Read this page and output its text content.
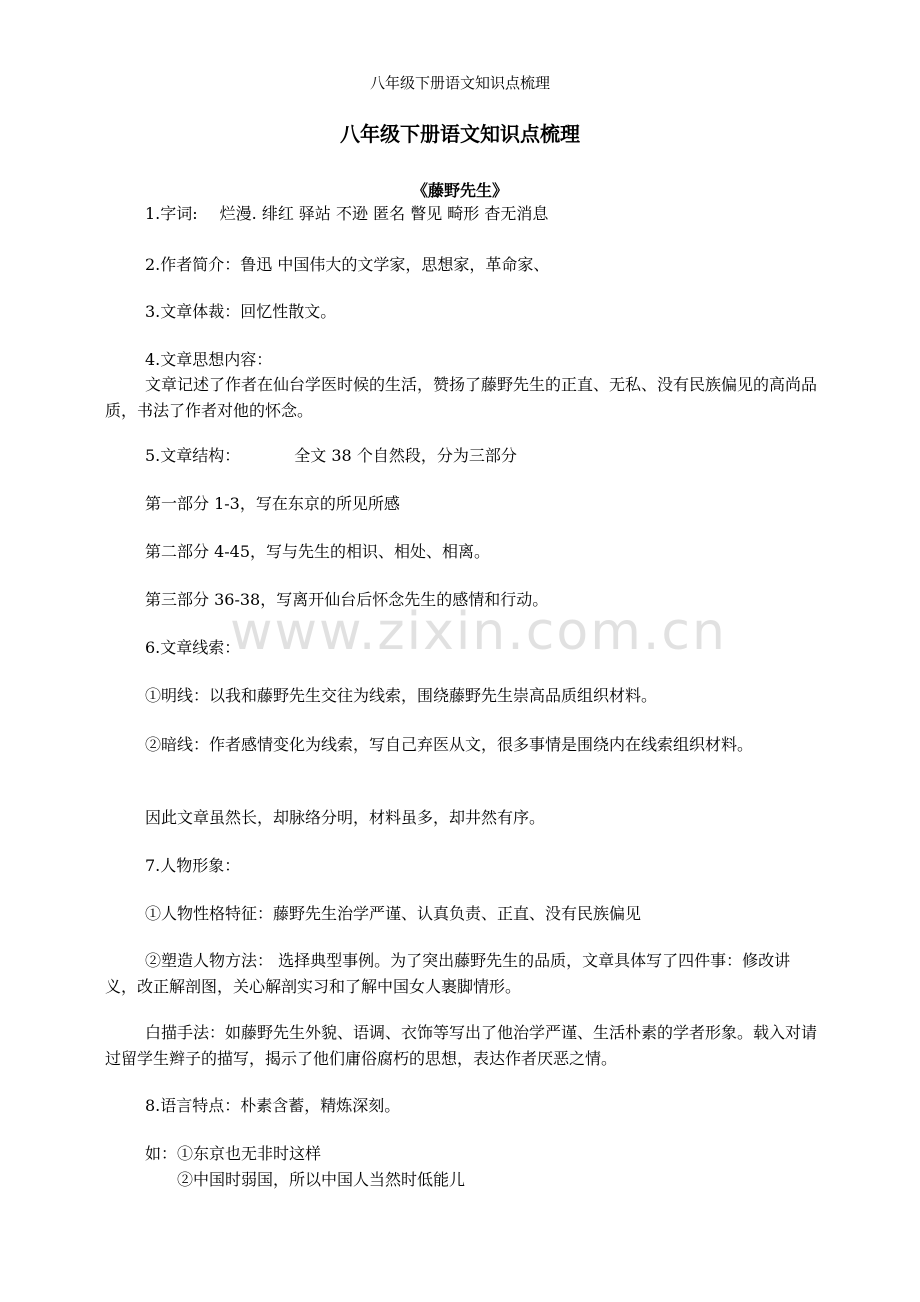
八年级下册语文知识点梳理
八年级下册语文知识点梳理
《藤野先生》
1.字词: 烂漫. 绯红 驿站 不逊 匿名 瞥见 畸形 杳无消息
2.作者简介：鲁迅 中国伟大的文学家，思想家，革命家、
3.文章体裁：回忆性散文。
4.文章思想内容：
文章记述了作者在仙台学医时候的生活，赞扬了藤野先生的正直、无私、没有民族偏见的高尚品质，书法了作者对他的怀念。
5.文章结构：	全文 38 个自然段，分为三部分
第一部分 1-3，写在东京的所见所感
第二部分 4-45，写与先生的相识、相处、相离。
第三部分 36-38，写离开仙台后怀念先生的感情和行动。
6.文章线索：
①明线：以我和藤野先生交往为线索，围绕藤野先生崇高品质组织材料。
②暗线：作者感情变化为线索，写自己弃医从文，很多事情是围绕内在线索组织材料。
因此文章虽然长，却脉络分明，材料虽多，却井然有序。
7.人物形象：
①人物性格特征：藤野先生治学严谨、认真负责、正直、没有民族偏见
②塑造人物方法： 选择典型事例。为了突出藤野先生的品质，文章具体写了四件事：修改讲义，改正解剖图，关心解剖实习和了解中国女人裹脚情形。
白描手法：如藤野先生外貌、语调、衣饰等写出了他治学严谨、生活朴素的学者形象。载入对请过留学生辫子的描写，揭示了他们庸俗腐朽的思想，表达作者厌恶之情。
8.语言特点：朴素含蓄，精炼深刻。
如：①东京也无非时这样
②中国时弱国，所以中国人当然时低能儿
www.zixin.com.cn
